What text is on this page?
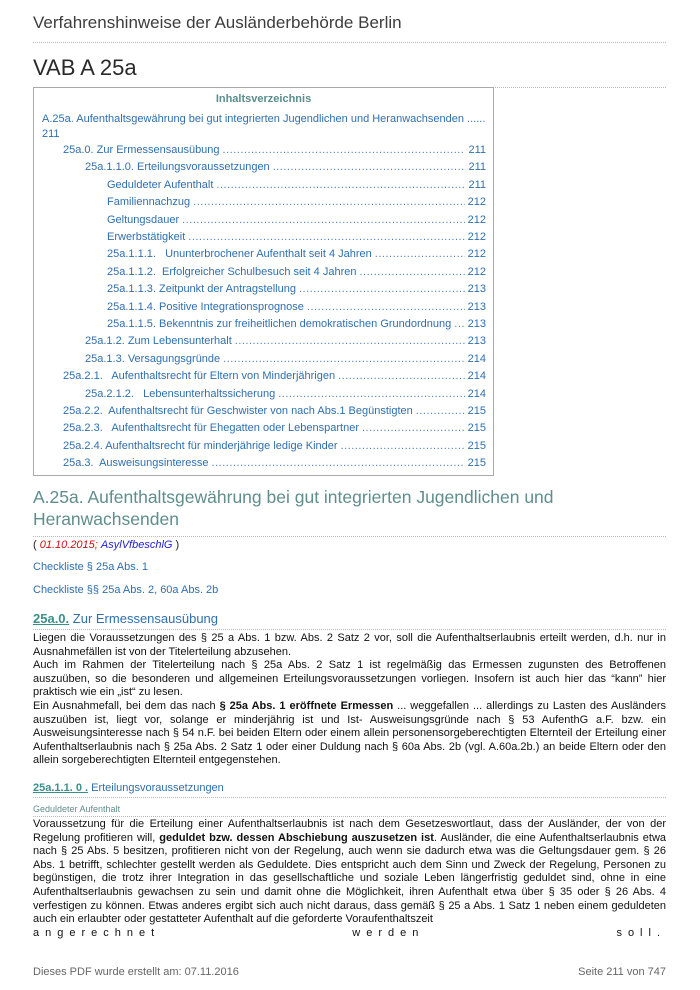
Verfahrenshinweise der Ausländerbehörde Berlin
VAB A 25a
Inhaltsverzeichnis
A.25a. Aufenthaltsgewährung bei gut integrierten Jugendlichen und Heranwachsenden ......
211
25a.0. Zur Ermessensausübung .....	211
25a.1.1.0. Erteilungsvoraussetzungen .....	211
Geduldeter Aufenthalt .....	211
Familiennachzug .....	212
Geltungsdauer .....	212
Erwerbstätigkeit .....	212
25a.1.1.1.   Ununterbrochener Aufenthalt seit 4 Jahren .....	212
25a.1.1.2.  Erfolgreicher Schulbesuch seit 4 Jahren .....	212
25a.1.1.3. Zeitpunkt der Antragstellung .....	213
25a.1.1.4. Positive Integrationsprognose .....	213
25a.1.1.5. Bekenntnis zur freiheitlichen demokratischen Grundordnung ..... 213
25a.1.2. Zum Lebensunterhalt .....	213
25a.1.3. Versagungsgründe .....	214
25a.2.1.   Aufenthaltsrecht für Eltern von Minderjährigen .....	214
25a.2.1.2.   Lebensunterhaltssicherung .....	214
25a.2.2.  Aufenthaltsrecht für Geschwister von nach Abs.1 Begünstigten .....	215
25a.2.3.   Aufenthaltsrecht für Ehegatten oder Lebenspartner .....	215
25a.2.4. Aufenthaltsrecht für minderjährige ledige Kinder .....	215
25a.3.  Ausweisungsinteresse .....	215
A.25a. Aufenthaltsgewährung bei gut integrierten Jugendlichen und Heranwachsenden
( 01.10.2015; AsylVfbeschlG )
Checkliste § 25a Abs. 1
Checkliste §§ 25a Abs. 2, 60a Abs. 2b
25a.0. Zur Ermessensausübung

Liegen die Voraussetzungen des § 25 a Abs. 1 bzw. Abs. 2 Satz 2 vor, soll die Aufenthaltserlaubnis erteilt werden, d.h. nur in Ausnahmefällen ist von der Titelerteilung abzusehen.

Auch im Rahmen der Titelerteilung nach § 25a Abs. 2 Satz 1 ist regelmäßig das Ermessen zugunsten des Betroffenen auszuüben, so die besonderen und allgemeinen Erteilungsvoraussetzungen vorliegen. Insofern ist auch hier das “kann” hier praktisch wie ein „ist“ zu lesen.

Ein Ausnahmefall, bei dem das nach § 25a Abs. 1 eröffnete Ermessen ... weggefallen ... allerdings zu Lasten des Ausländers auszuüben ist, liegt vor, solange er minderjährig ist und Ist- Ausweisungsgründe nach § 53 AufenthG a.F. bzw. ein Ausweisungsinteresse nach § 54 n.F. bei beiden Eltern oder einem allein personensorgeberechtigten Elternteil der Erteilung einer Aufenthaltserlaubnis nach § 25a Abs. 2 Satz 1 oder einer Duldung nach § 60a Abs. 2b (vgl. A.60a.2b.) an beide Eltern oder den allein sorgeberechtigten Elternteil entgegenstehen.

25a.1.1. 0 . Erteilungsvoraussetzungen
Geduldeter Aufenthalt

Voraussetzung für die Erteilung einer Aufenthaltserlaubnis ist nach dem Gesetzeswortlaut, dass der Ausländer, der von der Regelung profitieren will, geduldet bzw. dessen Abschiebung auszusetzen ist. Ausländer, die eine Aufenthaltserlaubnis etwa nach § 25 Abs. 5 besitzen, profitieren nicht von der Regelung, auch wenn sie dadurch etwa was die Geltungsdauer gem. § 26 Abs. 1 betrifft, schlechter gestellt werden als Geduldete. Dies entspricht auch dem Sinn und Zweck der Regelung, Personen zu begünstigen, die trotz ihrer Integration in das gesellschaftliche und soziale Leben längerfristig geduldet sind, ohne in eine Aufenthaltserlaubnis gewachsen zu sein und damit ohne die Möglichkeit, ihren Aufenthalt etwa über § 35 oder § 26 Abs. 4 verfestigen zu können. Etwas anderes ergibt sich auch nicht daraus, dass gemäß § 25 a Abs. 1 Satz 1 neben einem geduldeten auch ein erlaubter oder gestatteter Aufenthalt auf die geforderte Voraufenthaltszeit

angerechnet	werden	soll.
Dieses PDF wurde erstellt am: 07.11.2016	Seite 211 von 747
